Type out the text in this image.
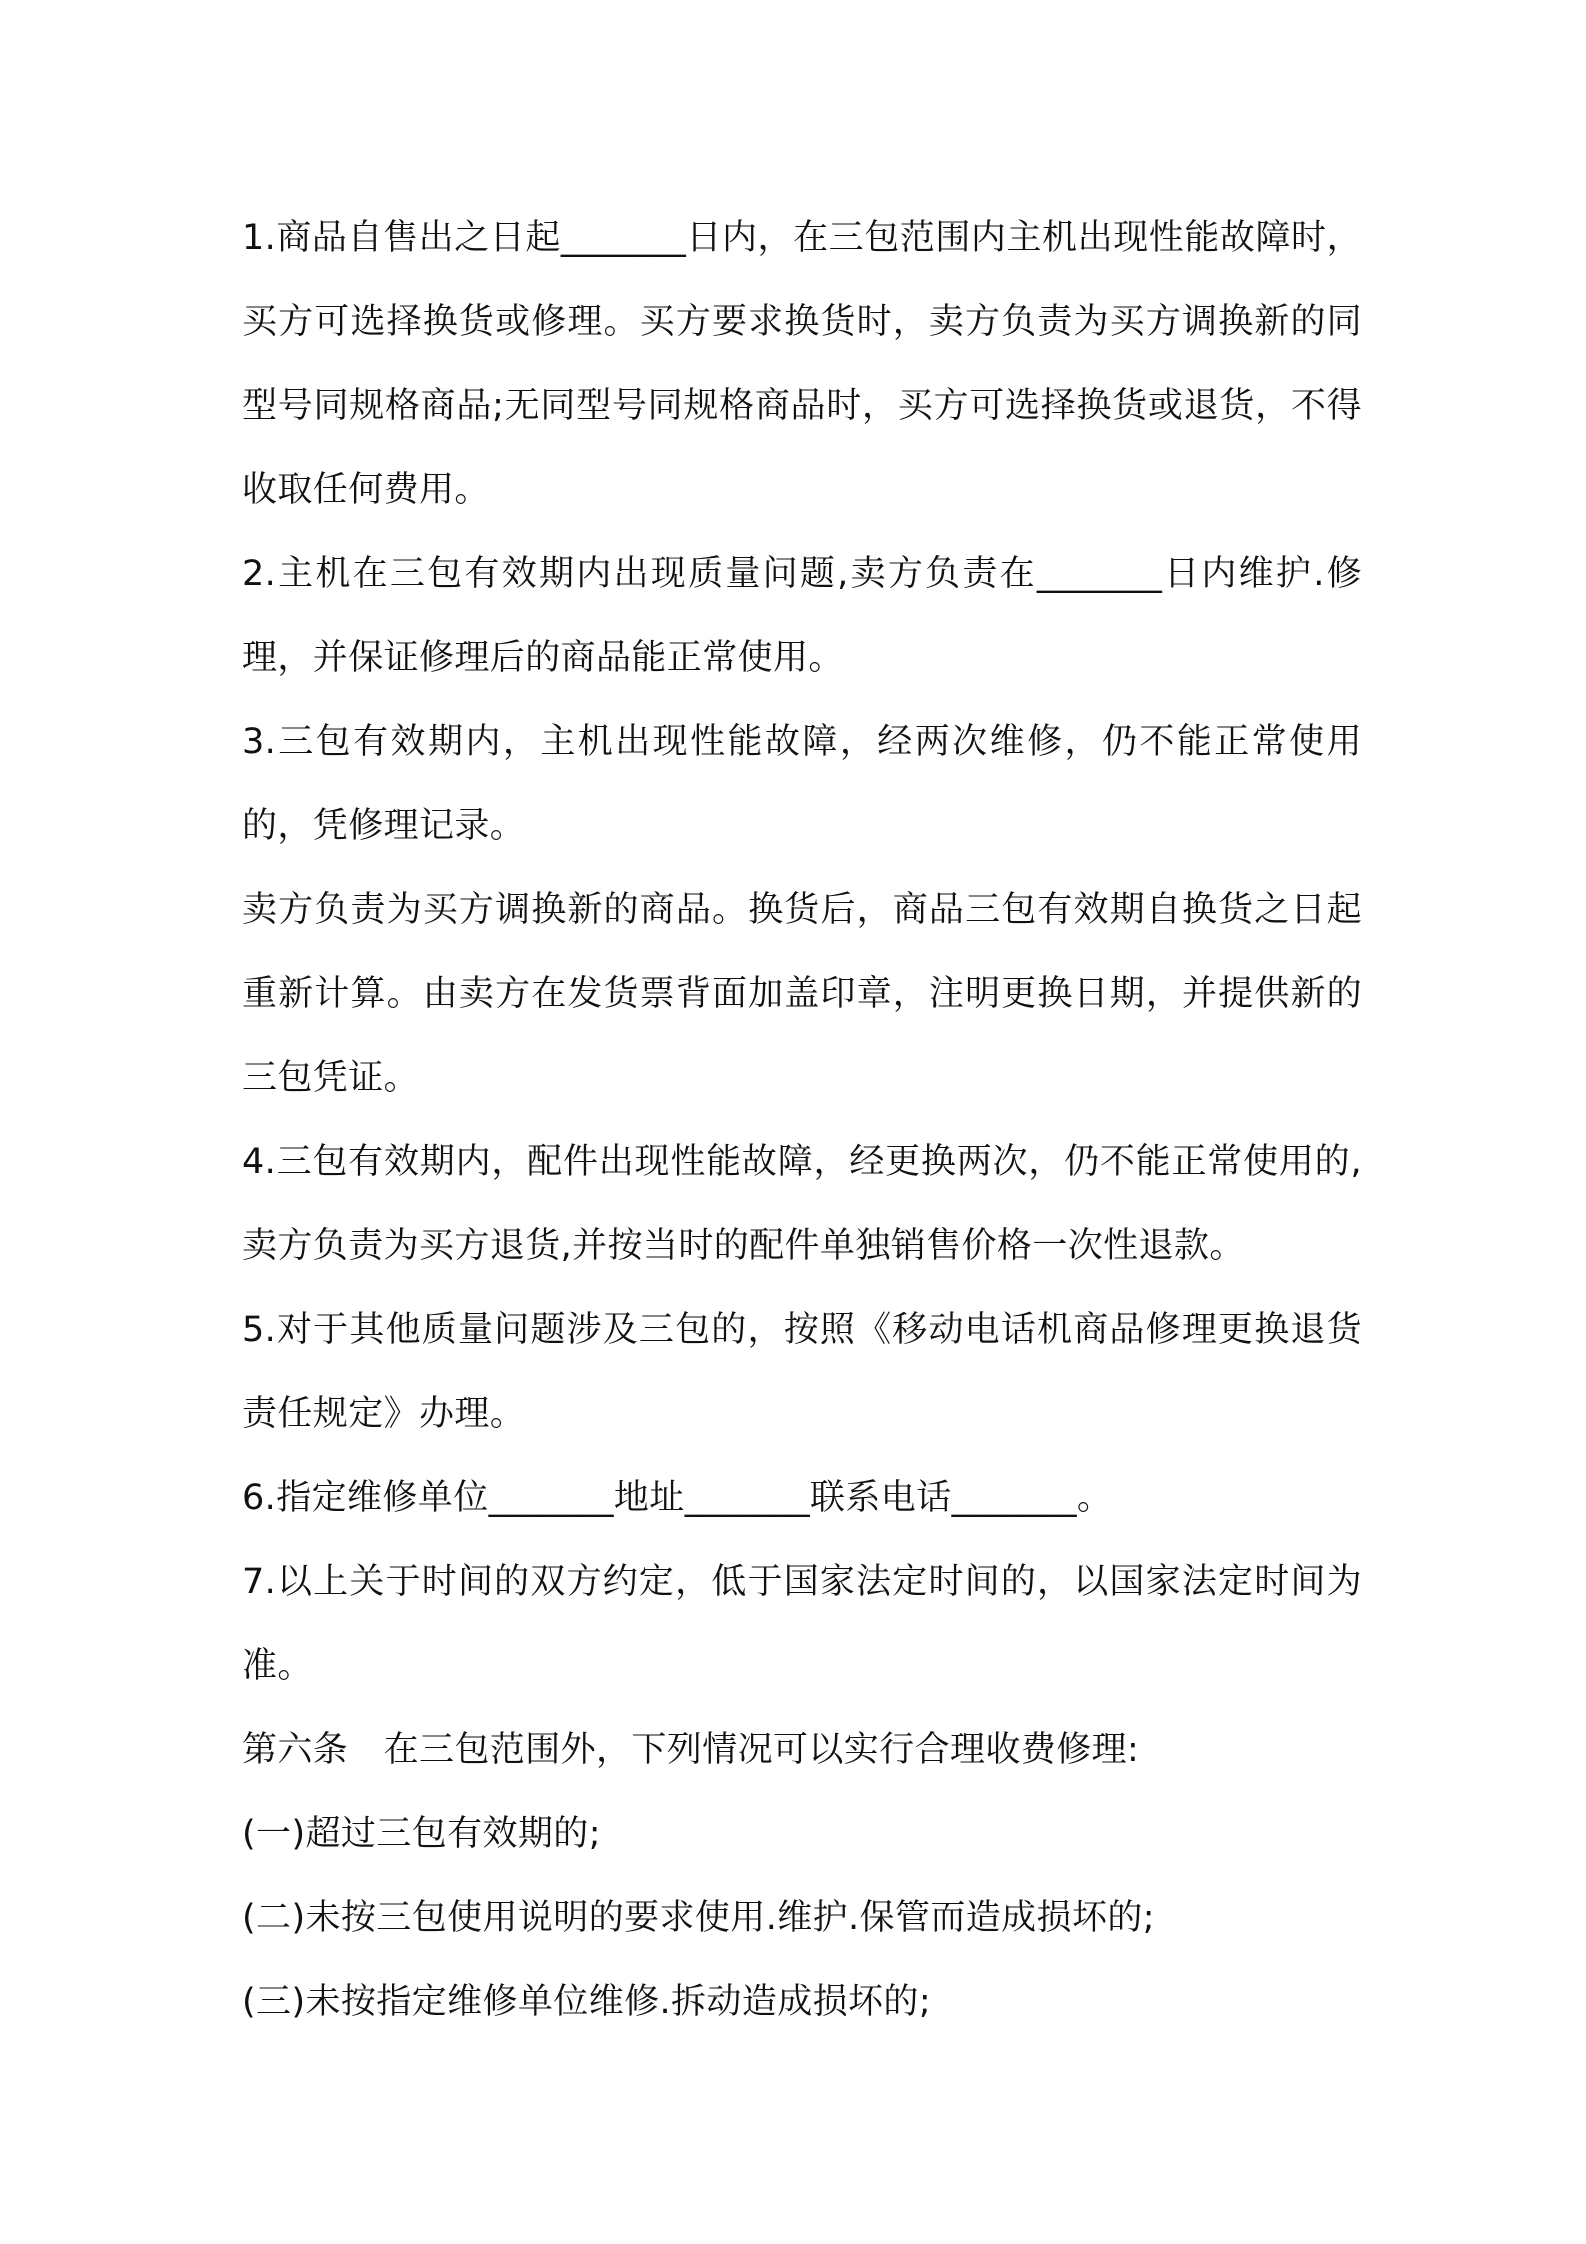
1.商品自售出之日起_______日内，在三包范围内主机出现性能故障时，买方可选择换货或修理。买方要求换货时，卖方负责为买方调换新的同型号同规格商品;无同型号同规格商品时，买方可选择换货或退货，不得收取任何费用。

2.主机在三包有效期内出现质量问题,卖方负责在_______日内维护.修理，并保证修理后的商品能正常使用。

3.三包有效期内，主机出现性能故障，经两次维修，仍不能正常使用的，凭修理记录。

卖方负责为买方调换新的商品。换货后，商品三包有效期自换货之日起重新计算。由卖方在发货票背面加盖印章，注明更换日期，并提供新的三包凭证。

4.三包有效期内，配件出现性能故障，经更换两次，仍不能正常使用的,卖方负责为买方退货,并按当时的配件单独销售价格一次性退款。

5.对于其他质量问题涉及三包的，按照《移动电话机商品修理更换退货责任规定》办理。

6.指定维修单位_______地址_______联系电话_______。

7.以上关于时间的双方约定，低于国家法定时间的，以国家法定时间为准。

第六条　在三包范围外，下列情况可以实行合理收费修理:

(一)超过三包有效期的;

(二)未按三包使用说明的要求使用.维护.保管而造成损坏的;

(三)未按指定维修单位维修.拆动造成损坏的;
